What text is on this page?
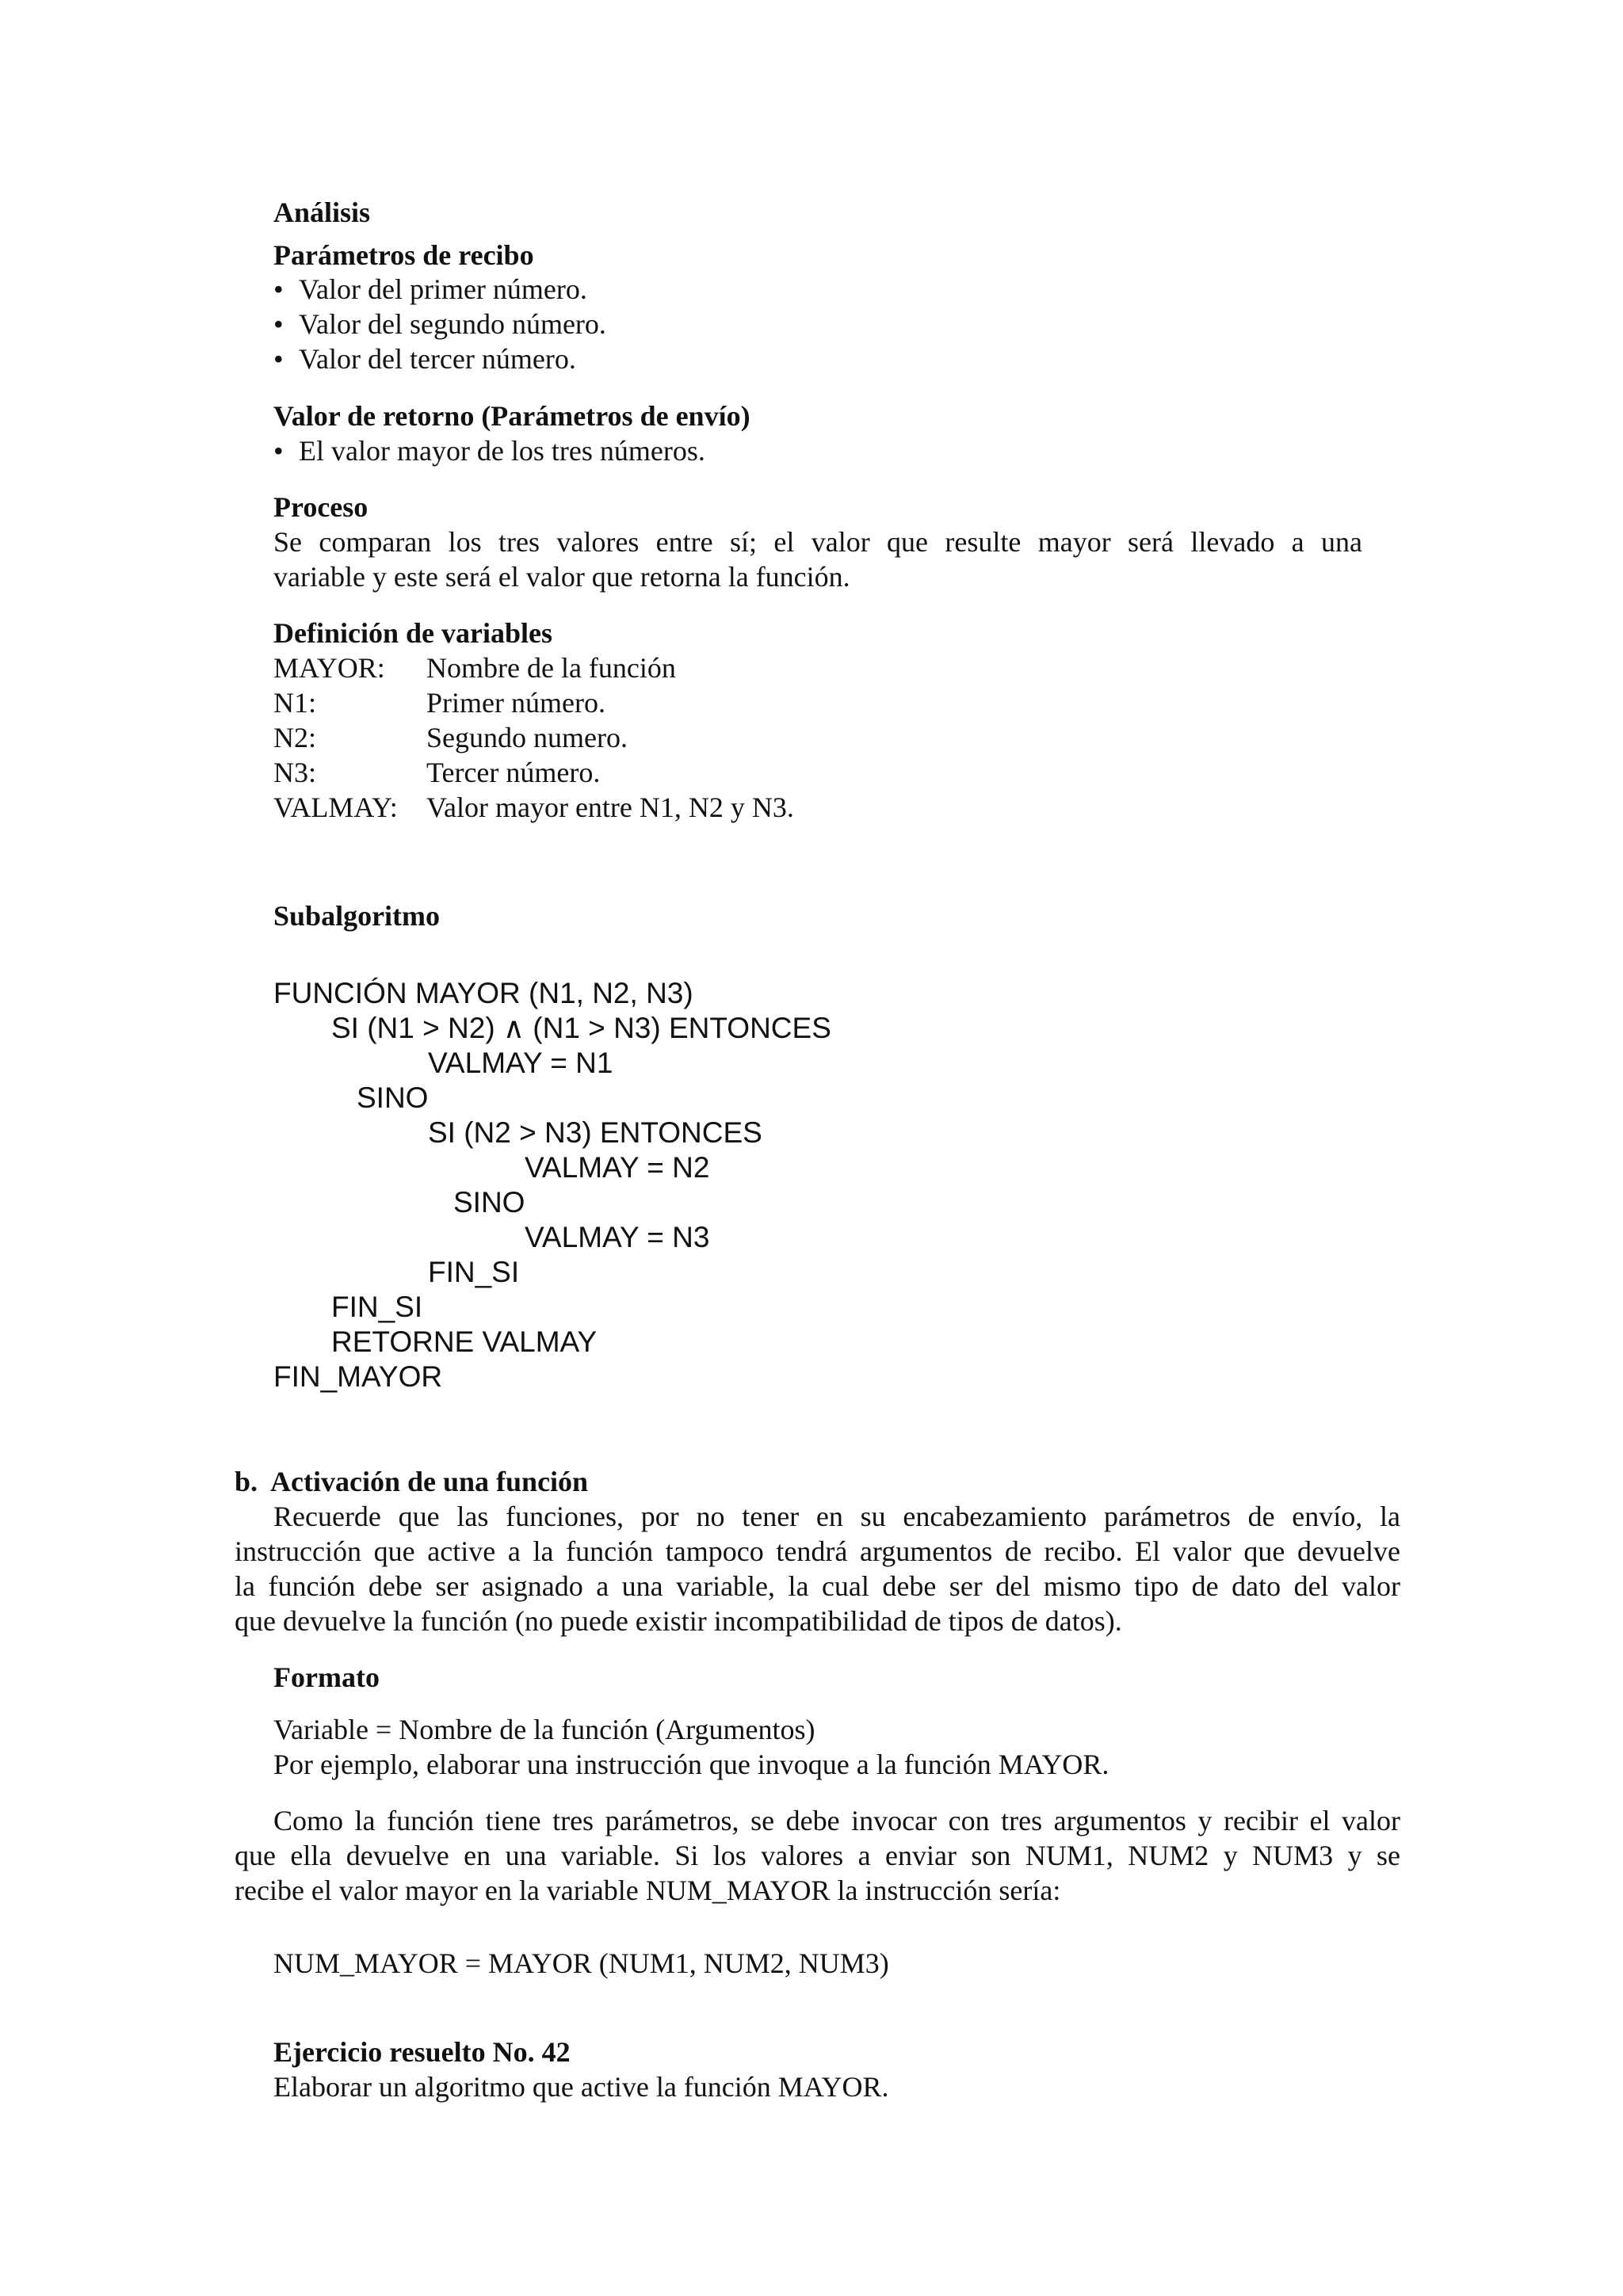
Análisis
Parámetros de recibo
• Valor del primer número.
• Valor del segundo número.
• Valor del tercer número.
Valor de retorno (Parámetros de envío)
• El valor mayor de los tres números.
Proceso
Se comparan los tres valores entre sí; el valor que resulte mayor será llevado a una
variable y este será el valor que retorna la función.
Definición de variables
MAYOR: Nombre de la función
N1:	Primer número.
N2:	Segundo numero.
N3:	Tercer número.
VALMAY: Valor mayor entre N1, N2 y N3.
Subalgoritmo
FUNCIÓN MAYOR (N1, N2, N3)
SI (N1 > N2) ∧ (N1 > N3) ENTONCES
VALMAY = N1
SINO
SI (N2 > N3) ENTONCES
VALMAY = N2
SINO
VALMAY = N3
FIN_SI
FIN_SI
RETORNE VALMAY
FIN_MAYOR
b.  Activación de una función
Recuerde que las funciones, por no tener en su encabezamiento parámetros de envío, la
instrucción que active a la función tampoco tendrá argumentos de recibo. El valor que devuelve
la función debe ser asignado a una variable, la cual debe ser del mismo tipo de dato del valor
que devuelve la función (no puede existir incompatibilidad de tipos de datos).
Formato
Variable = Nombre de la función (Argumentos)
Por ejemplo, elaborar una instrucción que invoque a la función MAYOR.
Como la función tiene tres parámetros, se debe invocar con tres argumentos y recibir el valor
que ella devuelve en una variable. Si los valores a enviar son NUM1, NUM2 y NUM3 y se
recibe el valor mayor en la variable NUM_MAYOR la instrucción sería:
NUM_MAYOR = MAYOR (NUM1, NUM2, NUM3)
Ejercicio resuelto No. 42
Elaborar un algoritmo que active la función MAYOR.
